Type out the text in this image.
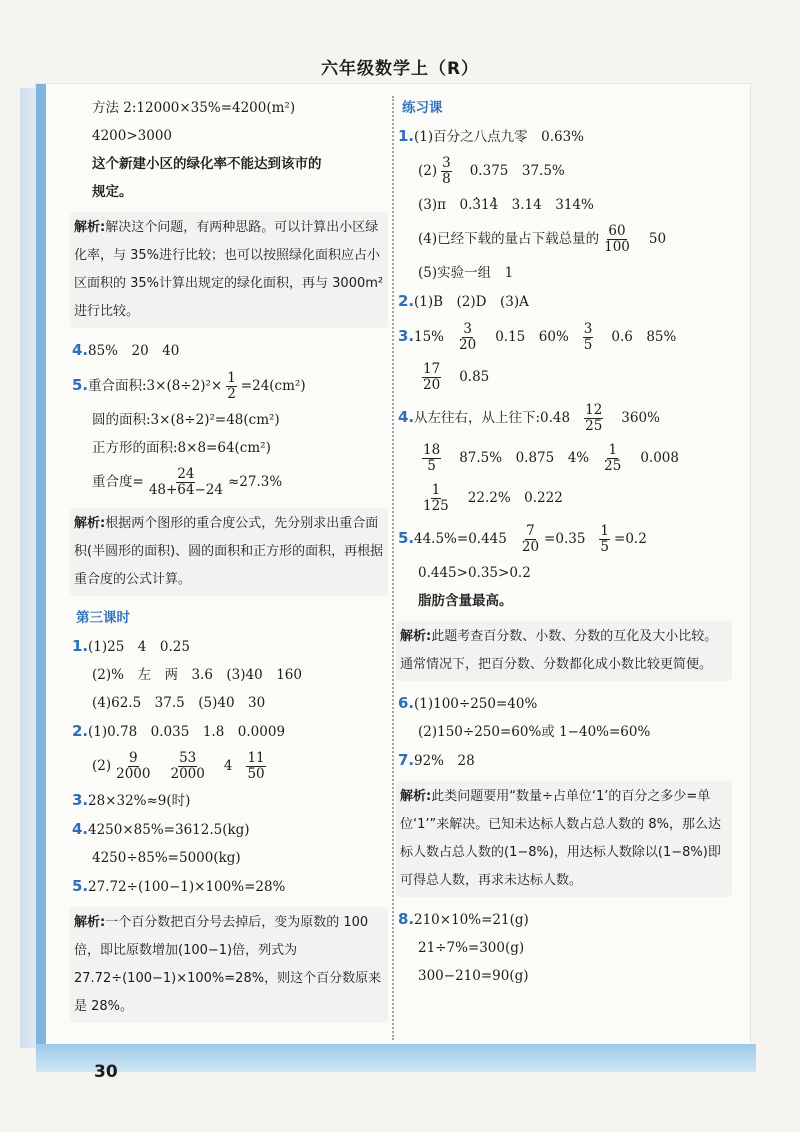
六年级数学上（R）
方法 2:12000×35%=4200(m²)
4200>3000
这个新建小区的绿化率不能达到该市的
规定。
解析:解决这个问题，有两种思路。可以计算出小区绿化率，与 35%进行比较；也可以按照绿化面积应占小区面积的 35%计算出规定的绿化面积，再与 3000m² 进行比较。
4.85%　20　40
5.重合面积:3×(8÷2)²× $\frac{1}{2} =24(cm^2)$
圆的面积:3×(8÷2)²=48(cm²)
正方形的面积:8×8=64(cm²)
重合度= $\frac{24}{48+64-24} \approx 27.3\%$
解析:根据两个图形的重合度公式，先分别求出重合面积(半圆形的面积)、圆的面积和正方形的面积，再根据重合度的公式计算。
第三课时
1.(1)25　4　0.25
(2)%　左　两　3.6　(3)40　160
(4)62.5　37.5　(5)40　30
2.(1)0.78　0.035　1.8　0.0009
$(2) \frac{9}{2000} \frac{53}{2000} 4 \frac{11}{50}$
3.28×32%≈9(时)
4.4250×85%=3612.5(kg)
4250÷85%=5000(kg)
5.27.72÷(100−1)×100%=28%
解析:一个百分数把百分号去掉后，变为原数的 100 倍，即比原数增加(100−1)倍，列式为 27.72÷(100−1)×100%=28%，则这个百分数原来是 28%。
练习课
1.(1)百分之八点九零　0.63%
$(2) \frac{3}{8} 0.375$　37.5%
(3)π　0.· 31· 4　3.14　314%
(4)已经下载的量占下载总量的 $\frac{60}{100} 50$
(5)实验一组　1
2.(1)B　(2)D　(3)A
$3.15\% \frac{3}{20} 0.15$　$60\% \frac{3}{5} 0.6$　85%
$\frac{17}{20} 0.85$
4.从左往右，从上往下:0.48 $\frac{12}{25} 360\%$
$\frac{18}{5} 87.5\%$　0.875　$4\% \frac{1}{25} 0.008$
$\frac{1}{125} 22.2\%$　0.222
$5.44.5\%=0.445 \frac{7}{20} =0.35 \frac{1}{5} =0.2$
0.445>0.35>0.2
脂肪含量最高。
解析:此题考查百分数、小数、分数的互化及大小比较。通常情况下，把百分数、分数都化成小数比较更简便。
6.(1)100÷250=40%
(2)150÷250=60%或 1−40%=60%
7.92%　28
解析:此类问题要用“数量÷占单位‘1’的百分之多少=单位‘1’”来解决。已知未达标人数占总人数的 8%，那么达标人数占总人数的(1−8%)，用达标人数除以(1−8%)即可得总人数，再求未达标人数。
8.210×10%=21(g)
21÷7%=300(g)
300−210=90(g)
30
